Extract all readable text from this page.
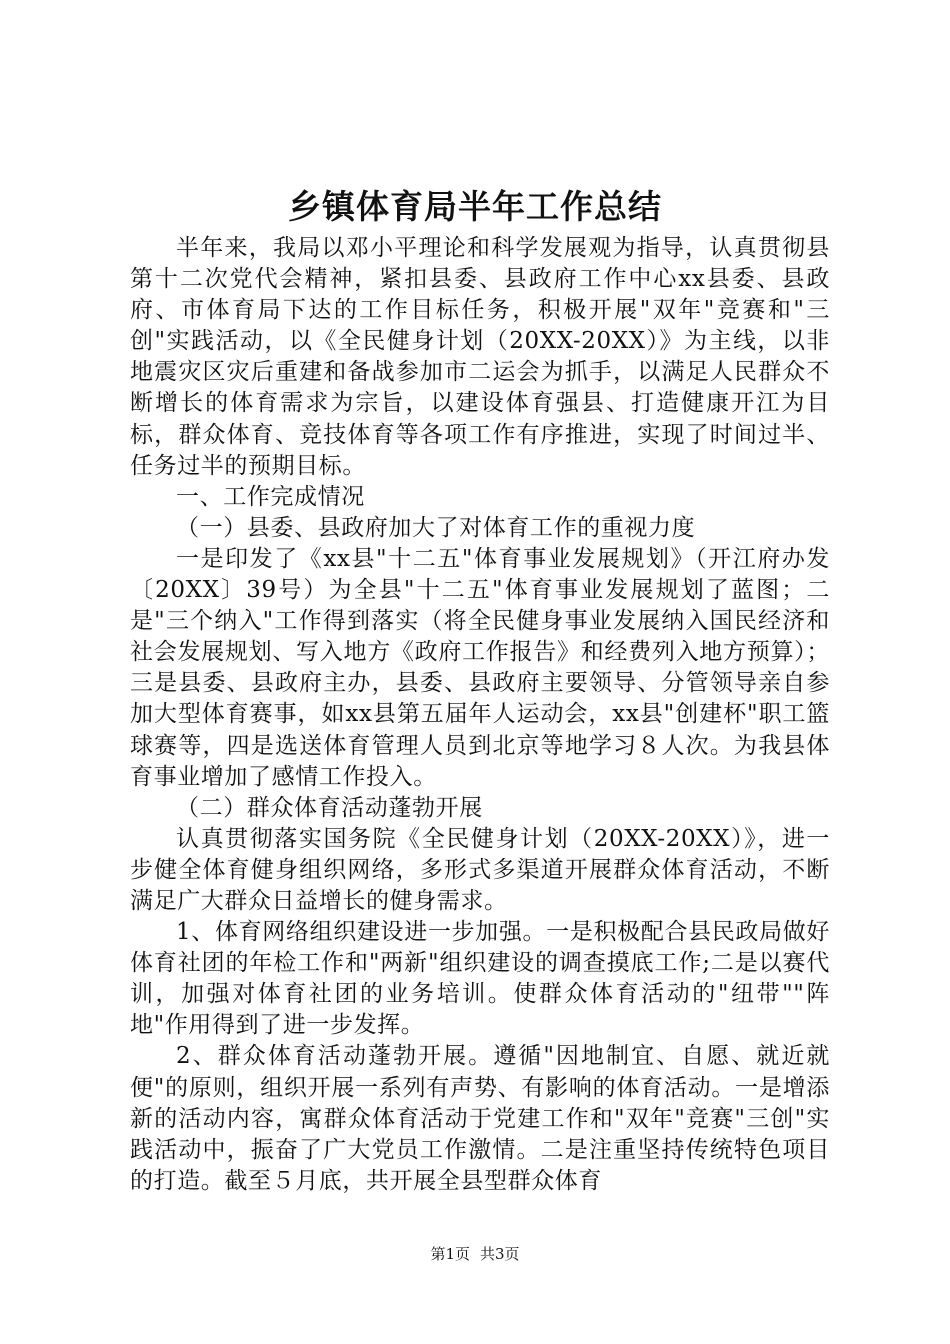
乡镇体育局半年工作总结

半年来，我局以邓小平理论和科学发展观为指导，认真贯彻县第十二次党代会精神，紧扣县委、县政府工作中心xx县委、县政府、市体育局下达的工作目标任务，积极开展"双年"竞赛和"三创"实践活动，以《全民健身计划（20XX-20XX）》为主线，以非地震灾区灾后重建和备战参加市二运会为抓手，以满足人民群众不断增长的体育需求为宗旨，以建设体育强县、打造健康开江为目标，群众体育、竞技体育等各项工作有序推进，实现了时间过半、任务过半的预期目标。

一、工作完成情况

（一）县委、县政府加大了对体育工作的重视力度

一是印发了《xx县"十二五"体育事业发展规划》（开江府办发〔20XX〕39号）为全县"十二五"体育事业发展规划了蓝图；二是"三个纳入"工作得到落实（将全民健身事业发展纳入国民经济和社会发展规划、写入地方《政府工作报告》和经费列入地方预算）；三是县委、县政府主办，县委、县政府主要领导、分管领导亲自参加大型体育赛事，如xx县第五届年人运动会，xx县"创建杯"职工篮球赛等，四是选送体育管理人员到北京等地学习８人次。为我县体育事业增加了感情工作投入。

（二）群众体育活动蓬勃开展

认真贯彻落实国务院《全民健身计划（20XX-20XX）》，进一步健全体育健身组织网络，多形式多渠道开展群众体育活动，不断满足广大群众日益增长的健身需求。

1、体育网络组织建设进一步加强。一是积极配合县民政局做好体育社团的年检工作和"两新"组织建设的调查摸底工作;二是以赛代训，加强对体育社团的业务培训。使群众体育活动的"纽带""阵地"作用得到了进一步发挥。

2、群众体育活动蓬勃开展。遵循"因地制宜、自愿、就近就便"的原则，组织开展一系列有声势、有影响的体育活动。一是增添新的活动内容，寓群众体育活动于党建工作和"双年"竞赛"三创"实践活动中，振奋了广大党员工作激情。二是注重坚持传统特色项目的打造。截至５月底，共开展全县型群众体育

第1页 共3页
